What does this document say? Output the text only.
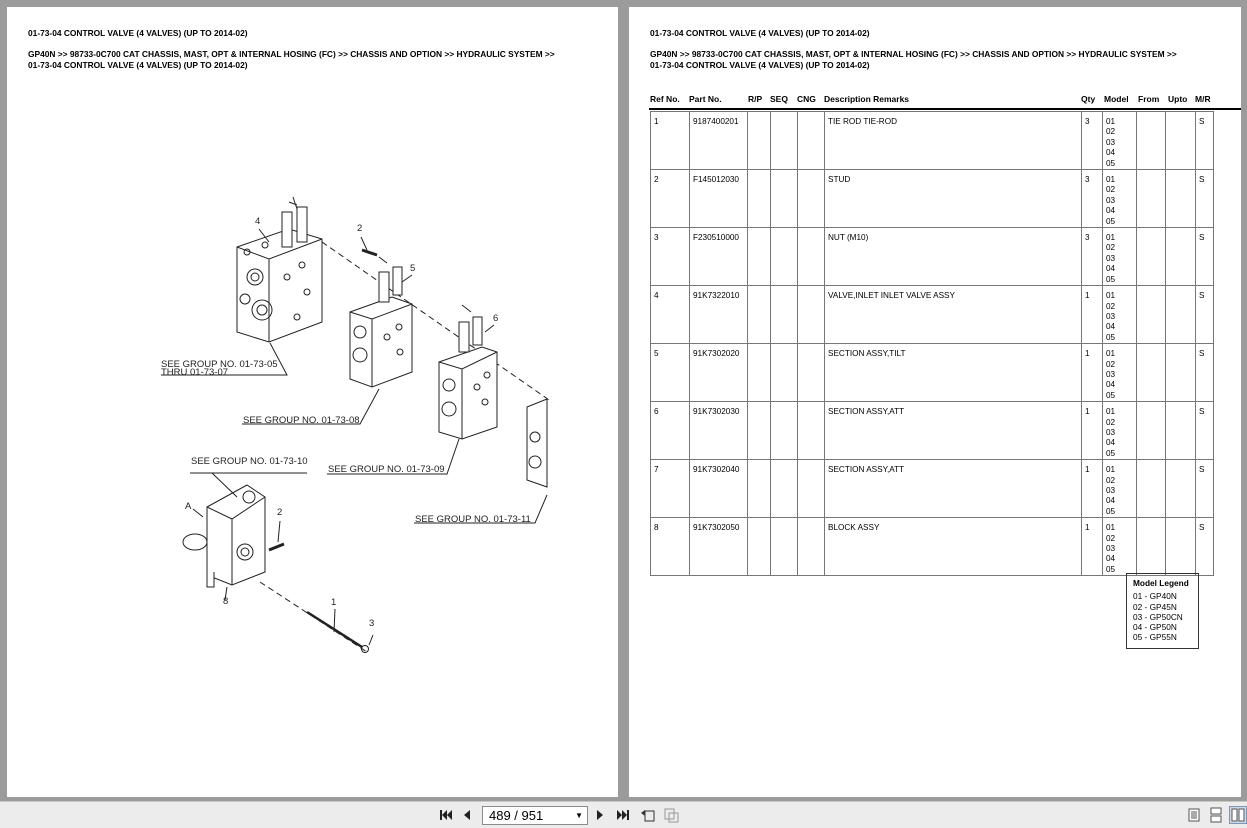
01-73-04 CONTROL VALVE (4 VALVES) (UP TO 2014-02)
GP40N >> 98733-0C700 CAT CHASSIS, MAST, OPT & INTERNAL HOSING (FC) >> CHASSIS AND OPTION >> HYDRAULIC SYSTEM >>
01-73-04 CONTROL VALVE (4 VALVES) (UP TO 2014-02)
4
2
5
6
2
A
8	1
3
SEE GROUP NO. 01-73-05
THRU 01-73-07
SEE GROUP NO. 01-73-08
SEE GROUP NO. 01-73-09
SEE GROUP NO. 01-73-10
SEE GROUP NO. 01-73-11
01-73-04 CONTROL VALVE (4 VALVES) (UP TO 2014-02)
GP40N >> 98733-0C700 CAT CHASSIS, MAST, OPT & INTERNAL HOSING (FC) >> CHASSIS AND OPTION >> HYDRAULIC SYSTEM >>
01-73-04 CONTROL VALVE (4 VALVES) (UP TO 2014-02)
Ref No. Part No.	R/P SEQ CNG Description Remarks	Qty Model From Upto M/R
1	9187400201				TIE ROD TIE-ROD	3	01
02
03
04
05			S
2	F145012030				STUD	3	01
02
03
04
05			S
3	F230510000				NUT (M10)	3	01
02
03
04
05			S
4	91K7322010				VALVE,INLET INLET VALVE ASSY	1	01
02
03
04
05			S
5	91K7302020				SECTION ASSY,TILT	1	01
02
03
04
05			S
6	91K7302030				SECTION ASSY,ATT	1	01
02
03
04
05			S
7	91K7302040				SECTION ASSY,ATT	1	01
02
03
04
05			S
8	91K7302050				BLOCK ASSY	1	01
02
03
04
05			S
Model Legend
01 - GP40N
02 - GP45N
03 - GP50CN
04 - GP50N
05 - GP55N
489 / 951	▼
